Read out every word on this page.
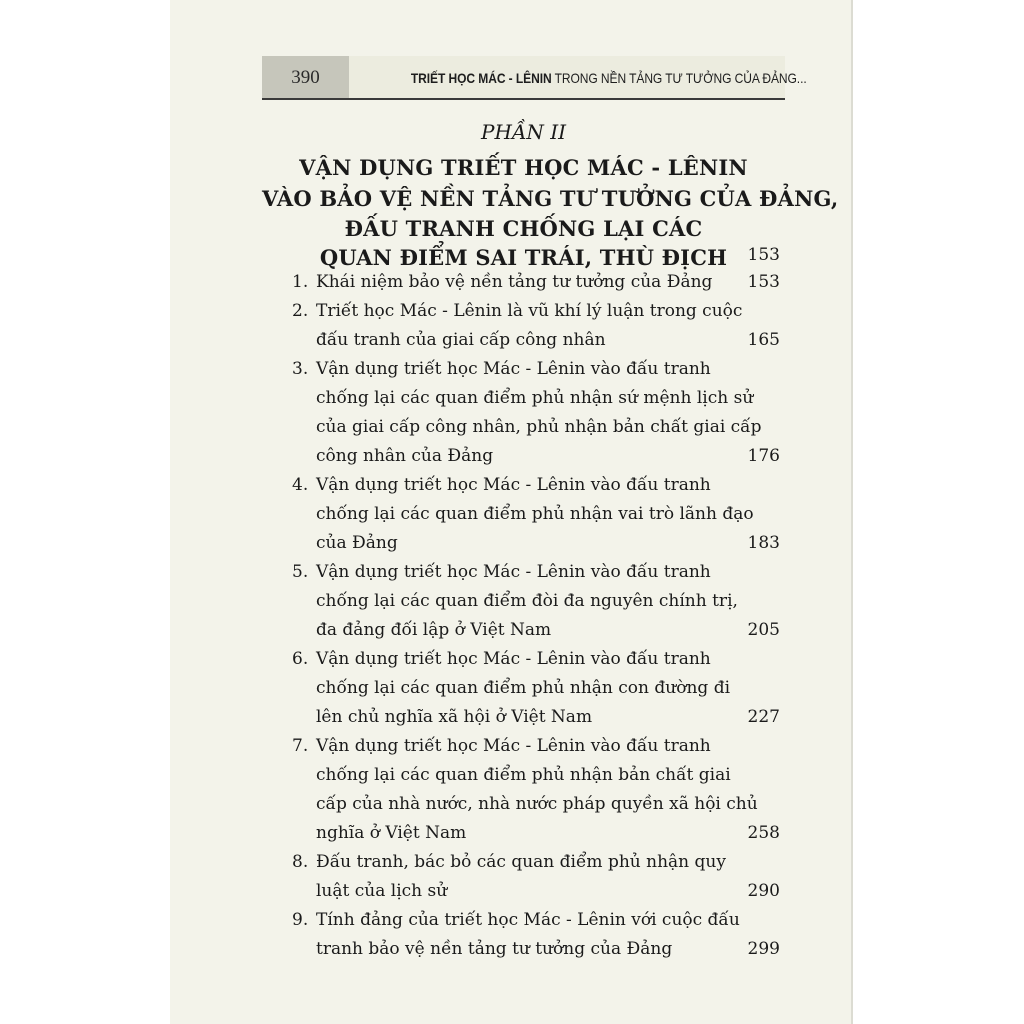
390	TRIẾT HỌC MÁC - LÊNIN TRONG NỀN TẢNG TƯ TƯỞNG CỦA ĐẢNG...
PHẦN II
VẬN DỤNG TRIẾT HỌC MÁC - LÊNIN
VÀO BẢO VỆ NỀN TẢNG TƯ TƯỞNG CỦA ĐẢNG,
ĐẤU TRANH CHỐNG LẠI CÁC
QUAN ĐIỂM SAI TRÁI, THÙ ĐỊCH	153
1. Khái niệm bảo vệ nền tảng tư tưởng của Đảng	153
2. Triết học Mác - Lênin là vũ khí lý luận trong cuộc
đấu tranh của giai cấp công nhân	165
3. Vận dụng triết học Mác - Lênin vào đấu tranh
chống lại các quan điểm phủ nhận sứ mệnh lịch sử
của giai cấp công nhân, phủ nhận bản chất giai cấp
công nhân của Đảng	176
4. Vận dụng triết học Mác - Lênin vào đấu tranh
chống lại các quan điểm phủ nhận vai trò lãnh đạo
của Đảng	183
5. Vận dụng triết học Mác - Lênin vào đấu tranh
chống lại các quan điểm đòi đa nguyên chính trị,
đa đảng đối lập ở Việt Nam	205
6. Vận dụng triết học Mác - Lênin vào đấu tranh
chống lại các quan điểm phủ nhận con đường đi
lên chủ nghĩa xã hội ở Việt Nam	227
7. Vận dụng triết học Mác - Lênin vào đấu tranh
chống lại các quan điểm phủ nhận bản chất giai
cấp của nhà nước, nhà nước pháp quyền xã hội chủ
nghĩa ở Việt Nam	258
8. Đấu tranh, bác bỏ các quan điểm phủ nhận quy
luật của lịch sử	290
9. Tính đảng của triết học Mác - Lênin với cuộc đấu
tranh bảo vệ nền tảng tư tưởng của Đảng	299
